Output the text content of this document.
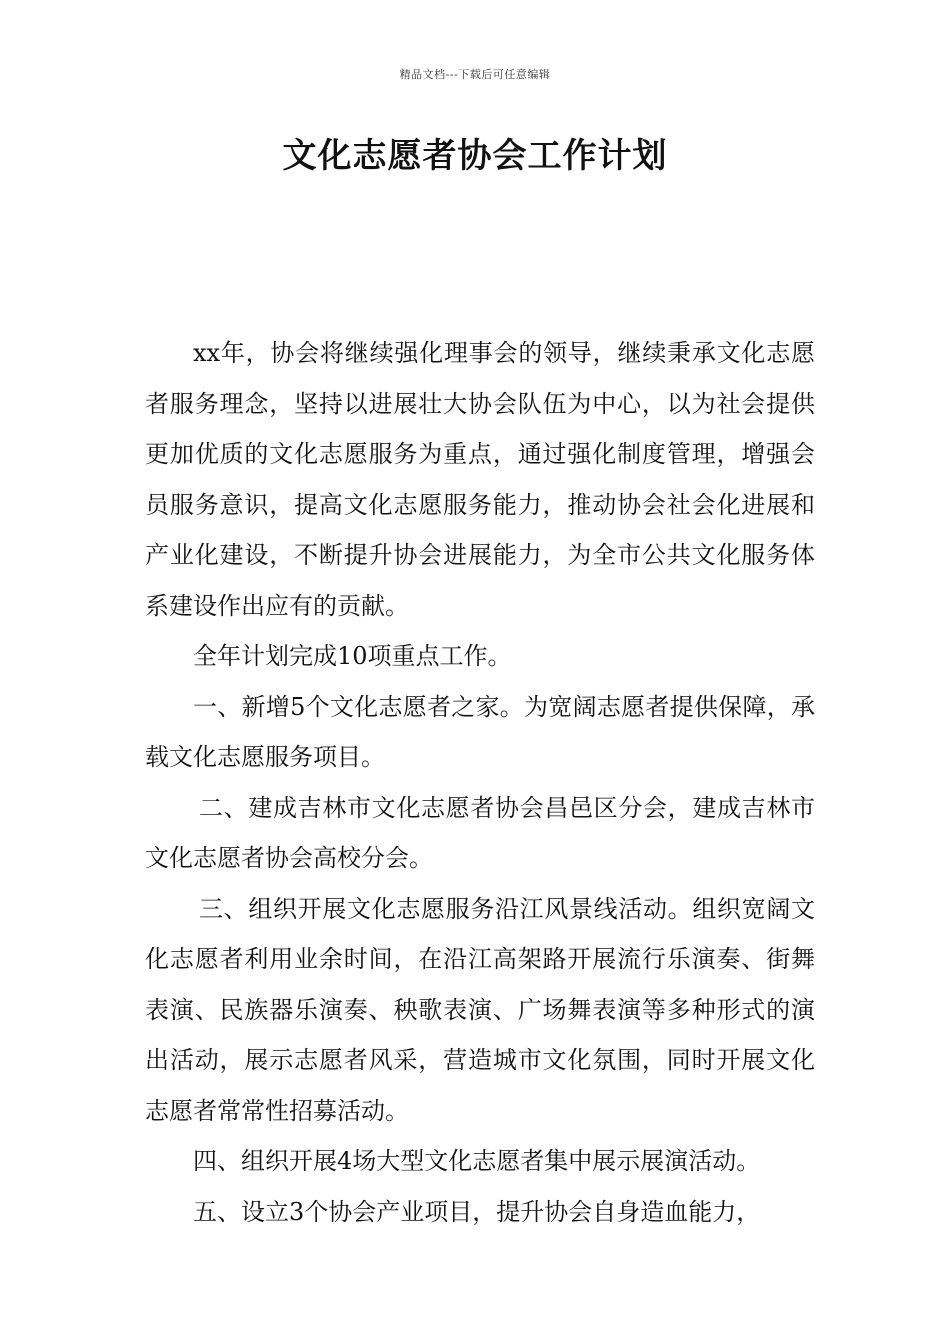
精品文档---下载后可任意编辑
文化志愿者协会工作计划

xx年，协会将继续强化理事会的领导，继续秉承文化志愿者服务理念，坚持以进展壮大协会队伍为中心，以为社会提供更加优质的文化志愿服务为重点，通过强化制度管理，增强会员服务意识，提高文化志愿服务能力，推动协会社会化进展和产业化建设，不断提升协会进展能力，为全市公共文化服务体系建设作出应有的贡献。

全年计划完成10项重点工作。

一、新增5个文化志愿者之家。为宽阔志愿者提供保障，承载文化志愿服务项目。

二、建成吉林市文化志愿者协会昌邑区分会，建成吉林市文化志愿者协会高校分会。

三、组织开展文化志愿服务沿江风景线活动。组织宽阔文化志愿者利用业余时间，在沿江高架路开展流行乐演奏、街舞表演、民族器乐演奏、秧歌表演、广场舞表演等多种形式的演出活动，展示志愿者风采，营造城市文化氛围，同时开展文化志愿者常常性招募活动。

四、组织开展4场大型文化志愿者集中展示展演活动。

五、设立3个协会产业项目，提升协会自身造血能力，
